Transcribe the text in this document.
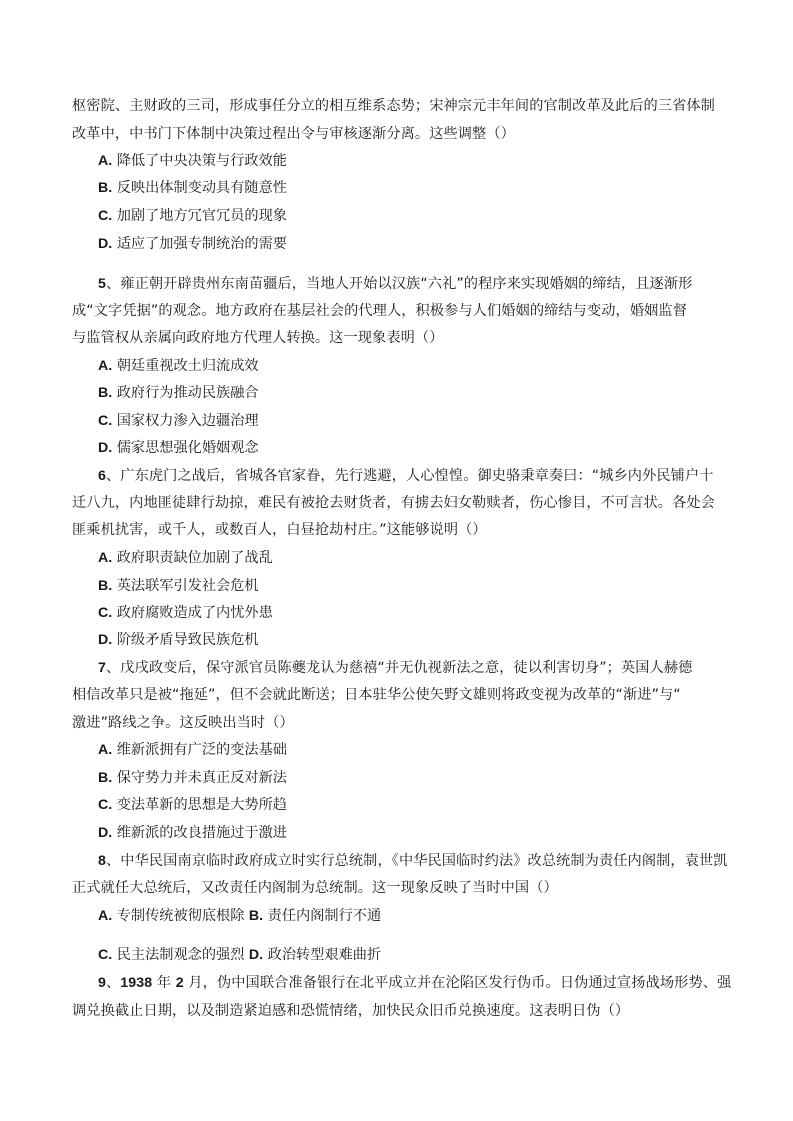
枢密院、主财政的三司，形成事任分立的相互维系态势；宋神宗元丰年间的官制改革及此后的三省体制
改革中，中书门下体制中决策过程出令与审核逐渐分离。这些调整（）
A. 降低了中央决策与行政效能
B. 反映出体制变动具有随意性
C. 加剧了地方冗官冗员的现象
D. 适应了加强专制统治的需要
5、雍正朝开辟贵州东南苗疆后，当地人开始以汉族“六礼”的程序来实现婚姻的缔结，且逐渐形
成“文字凭据”的观念。地方政府在基层社会的代理人，积极参与人们婚姻的缔结与变动，婚姻监督
与监管权从亲属向政府地方代理人转换。这一现象表明（）
A. 朝廷重视改土归流成效
B. 政府行为推动民族融合
C. 国家权力渗入边疆治理
D. 儒家思想强化婚姻观念
6、广东虎门之战后，省城各官家眷，先行逃避，人心惶惶。御史骆秉章奏曰：“城乡内外民铺户十
迁八九，内地匪徒肆行劫掠，难民有被抢去财货者，有掳去妇女勒赎者，伤心惨目，不可言状。各处会
匪乘机扰害，或千人，或数百人，白昼抢劫村庄。”这能够说明（）
A. 政府职责缺位加剧了战乱
B. 英法联军引发社会危机
C. 政府腐败造成了内忧外患
D. 阶级矛盾导致民族危机
7、戊戌政变后，保守派官员陈夔龙认为慈禧“并无仇视新法之意，徒以利害切身”；英国人赫德
相信改革只是被“拖延”，但不会就此断送；日本驻华公使矢野文雄则将政变视为改革的“渐进”与“
激进”路线之争。这反映出当时（）
A. 维新派拥有广泛的变法基础
B. 保守势力并未真正反对新法
C. 变法革新的思想是大势所趋
D. 维新派的改良措施过于激进
8、中华民国南京临时政府成立时实行总统制，《中华民国临时约法》改总统制为责任内阁制，袁世凯
正式就任大总统后，又改责任内阁制为总统制。这一现象反映了当时中国（）
A. 专制传统被彻底根除 B. 责任内阁制行不通
C. 民主法制观念的强烈 D. 政治转型艰难曲折
9、1938 年 2 月，伪中国联合准备银行在北平成立并在沦陷区发行伪币。日伪通过宣扬战场形势、强
调兑换截止日期，以及制造紧迫感和恐慌情绪，加快民众旧币兑换速度。这表明日伪（）
